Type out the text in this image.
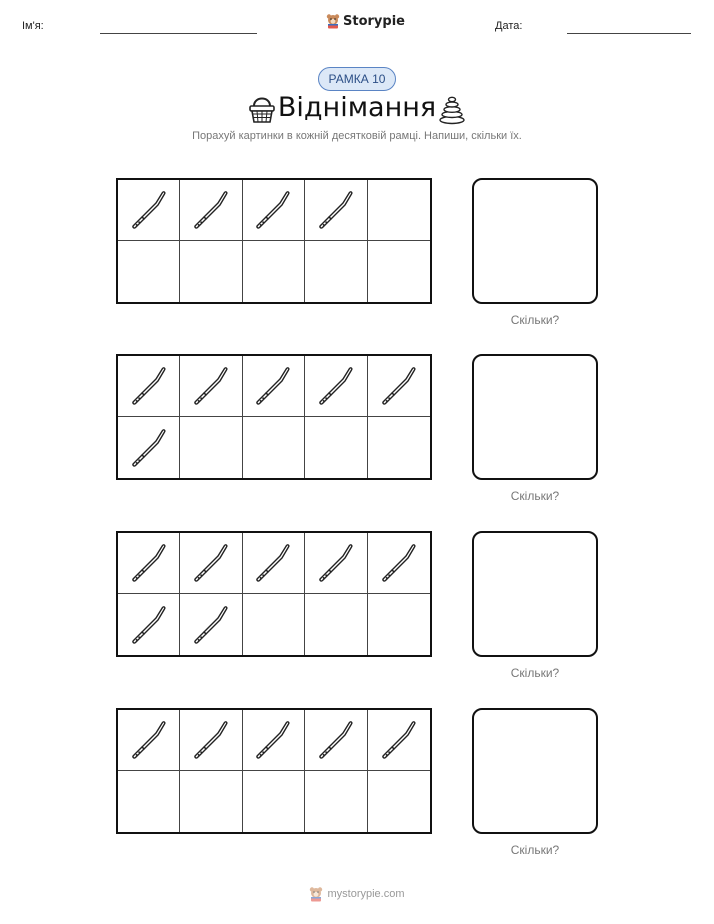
Ім'я:	Storypie	Дата:
РАМКА 10
Віднімання
Порахуй картинки в кожній десятковій рамці. Напиши, скільки їх.
Скільки?
Скільки?
Скільки?
Скільки?
mystorypie.com
